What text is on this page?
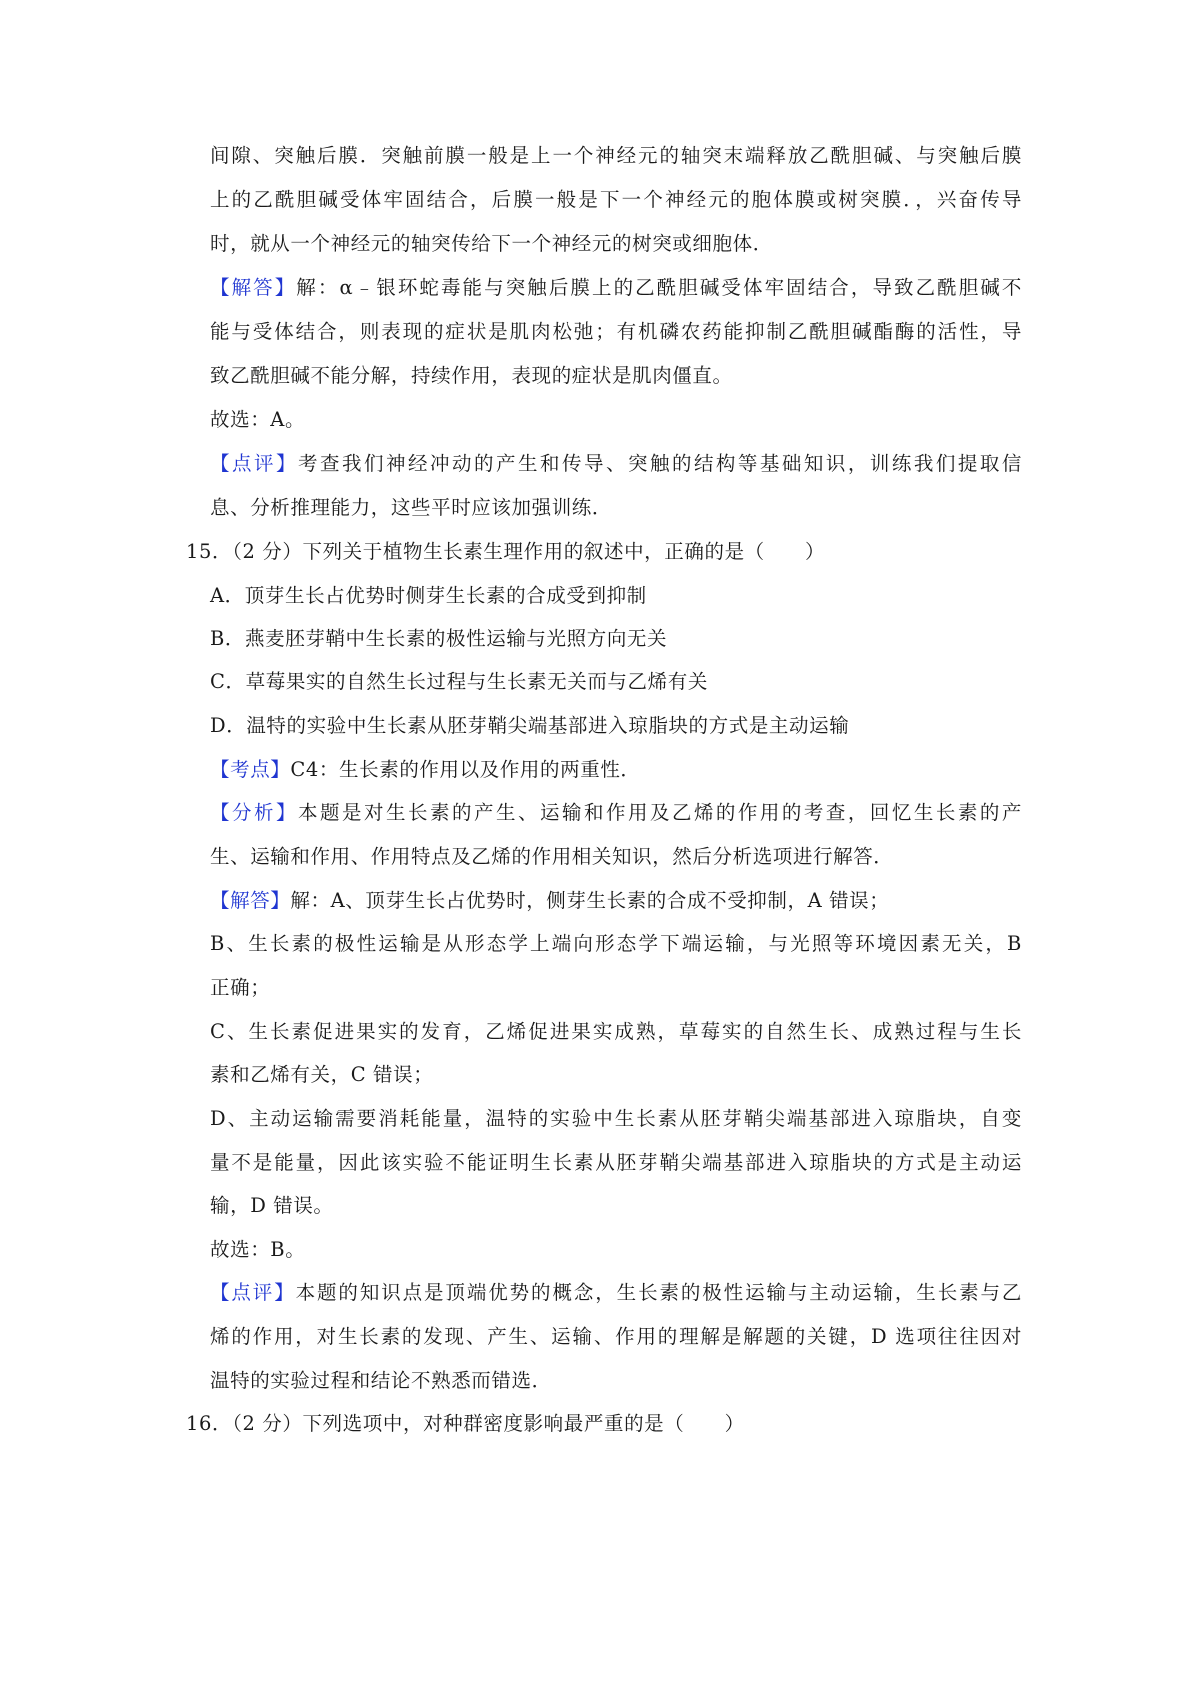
间隙、突触后膜．突触前膜一般是上一个神经元的轴突末端释放乙酰胆碱、与突触后膜
上的乙酰胆碱受体牢固结合，后膜一般是下一个神经元的胞体膜或树突膜．，兴奋传导
时，就从一个神经元的轴突传给下一个神经元的树突或细胞体．
【解答】解：α﹣银环蛇毒能与突触后膜上的乙酰胆碱受体牢固结合，导致乙酰胆碱不
能与受体结合，则表现的症状是肌肉松弛；有机磷农药能抑制乙酰胆碱酯酶的活性，导
致乙酰胆碱不能分解，持续作用，表现的症状是肌肉僵直。
故选：A。
【点评】考查我们神经冲动的产生和传导、突触的结构等基础知识，训练我们提取信
息、分析推理能力，这些平时应该加强训练．
15．（2 分）下列关于植物生长素生理作用的叙述中，正确的是（　　）
A．顶芽生长占优势时侧芽生长素的合成受到抑制
B．燕麦胚芽鞘中生长素的极性运输与光照方向无关
C．草莓果实的自然生长过程与生长素无关而与乙烯有关
D．温特的实验中生长素从胚芽鞘尖端基部进入琼脂块的方式是主动运输
【考点】C4：生长素的作用以及作用的两重性．
【分析】本题是对生长素的产生、运输和作用及乙烯的作用的考查，回忆生长素的产
生、运输和作用、作用特点及乙烯的作用相关知识，然后分析选项进行解答．
【解答】解：A、顶芽生长占优势时，侧芽生长素的合成不受抑制，A 错误；
B、生长素的极性运输是从形态学上端向形态学下端运输，与光照等环境因素无关，B
正确；
C、生长素促进果实的发育，乙烯促进果实成熟，草莓实的自然生长、成熟过程与生长
素和乙烯有关，C 错误；
D、主动运输需要消耗能量，温特的实验中生长素从胚芽鞘尖端基部进入琼脂块，自变
量不是能量，因此该实验不能证明生长素从胚芽鞘尖端基部进入琼脂块的方式是主动运
输，D 错误。
故选：B。
【点评】本题的知识点是顶端优势的概念，生长素的极性运输与主动运输，生长素与乙
烯的作用，对生长素的发现、产生、运输、作用的理解是解题的关键，D 选项往往因对
温特的实验过程和结论不熟悉而错选．
16．（2 分）下列选项中，对种群密度影响最严重的是（　　）
